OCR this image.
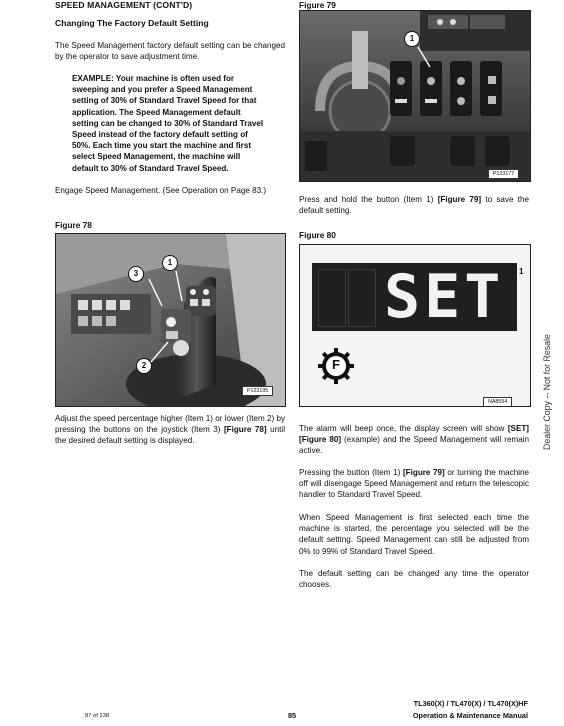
SPEED MANAGEMENT (CONT'D)
Changing The Factory Default Setting
The Speed Management factory default setting can be changed by the operator to save adjustment time.
EXAMPLE: Your machine is often used for
sweeping and you prefer a Speed Management
setting of 30% of Standard Travel Speed for that
application. The Speed Management default
setting can be changed to 30% of Standard Travel
Speed instead of the factory default setting of
50%. Each time you start the machine and first
select Speed Management, the machine will
default to 30% of Standard Travel Speed.
Engage Speed Management. (See Operation on Page 83.)
Figure 78
3
1
2
P123195
Adjust the speed percentage higher (Item 1) or lower (Item 2) by pressing the buttons on the joystick (Item 3) [Figure 78] until the desired default setting is displayed.
Figure 79
1
P123177
Press and hold the button (Item 1) [Figure 79] to save the default setting.
Figure 80
SET	1
F
NA8594
The alarm will beep once, the display screen will show [SET] [Figure 80] (example) and the Speed Management will remain active.
Pressing the button (Item 1) [Figure 79] or turning the machine off will disengage Speed Management and return the telescopic handler to Standard Travel Speed.
When Speed Management is first selected each time the machine is started, the percentage you selected will be the default setting. Speed Management can still be adjusted from 0% to 99% of Standard Travel Speed.
The default setting can be changed any time the operator chooses.
Dealer Copy -- Not for Resale
87 of 238	85
TL360(X) / TL470(X) / TL470(X)HF
Operation & Maintenance Manual
